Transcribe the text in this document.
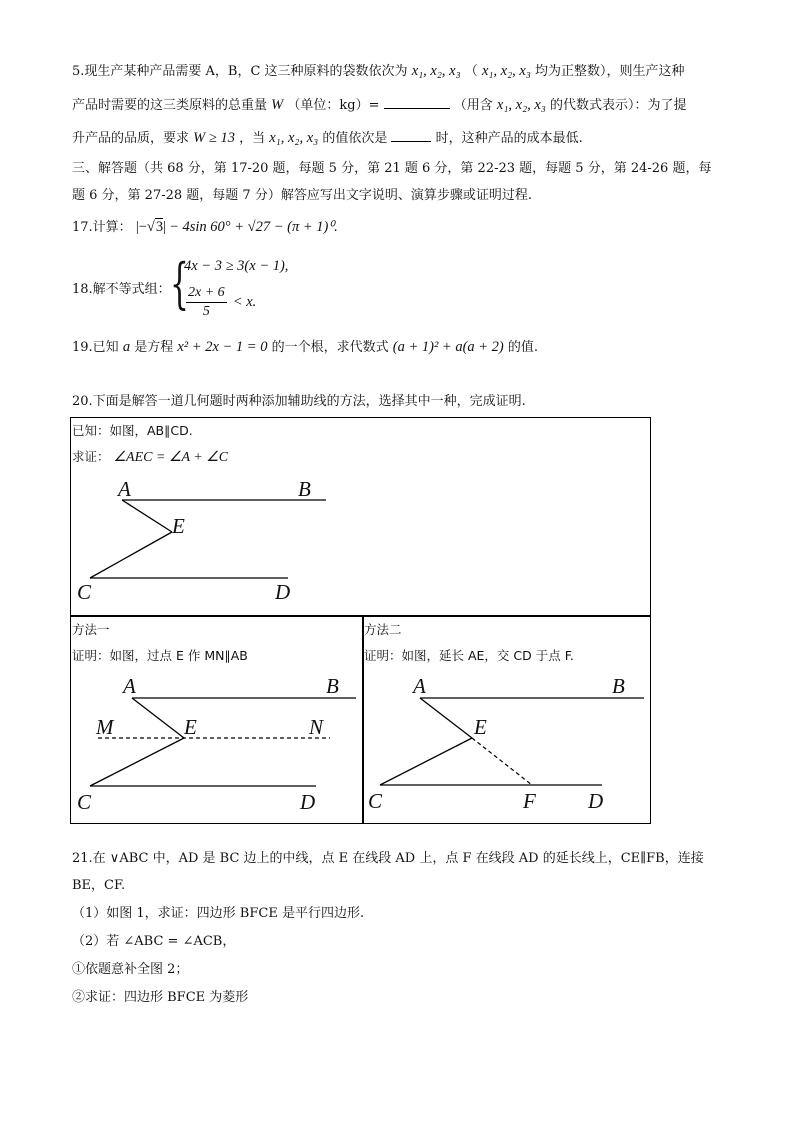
5.现生产某种产品需要 A，B，C 这三种原料的袋数依次为 x₁, x₂, x₃ （ x₁, x₂, x₃ 均为正整数），则生产这种
产品时需要的这三类原料的总重量 W （单位：kg）=	（用含 x₁, x₂, x₃ 的代数式表示）：为了提
升产品的品质，要求 W ≥ 13 ，当 x₁, x₂, x₃ 的值依次是	时，这种产品的成本最低.
三、解答题（共 68 分，第 17-20 题，每题 5 分，第 21 题 6 分，第 22-23 题，每题 5 分，第 24-26 题，每
题 6 分，第 27-28 题，每题 7 分）解答应写出文字说明、演算步骤或证明过程.
17.计算： |−√3| − 4sin 60° + √27 − (π + 1)⁰.
18.解不等式组： {
4x − 3 ≥ 3(x − 1),
$\frac{2x + 6}{5} < x$.
19.已知 a 是方程 x² + 2x − 1 = 0 的一个根，求代数式 (a + 1)² + a(a + 2) 的值.
20.下面是解答一道几何题时两种添加辅助线的方法，选择其中一种，完成证明.
已知：如图，AB∥CD.
求证： ∠AEC = ∠A + ∠C
A	B
E
C	D
方法一
证明：如图，过点 E 作 MN∥AB
A	B
M	E	N
C	D
方法二
证明：如图，延长 AE，交 CD 于点 F.
A	B
E
C	F D
21.在 ∨ABC 中，AD 是 BC 边上的中线，点 E 在线段 AD 上，点 F 在线段 AD 的延长线上，CE∥FB，连接
BE，CF.
（1）如图 1，求证：四边形 BFCE 是平行四边形.
（2）若 ∠ABC = ∠ACB，
①依题意补全图 2；
②求证：四边形 BFCE 为菱形
